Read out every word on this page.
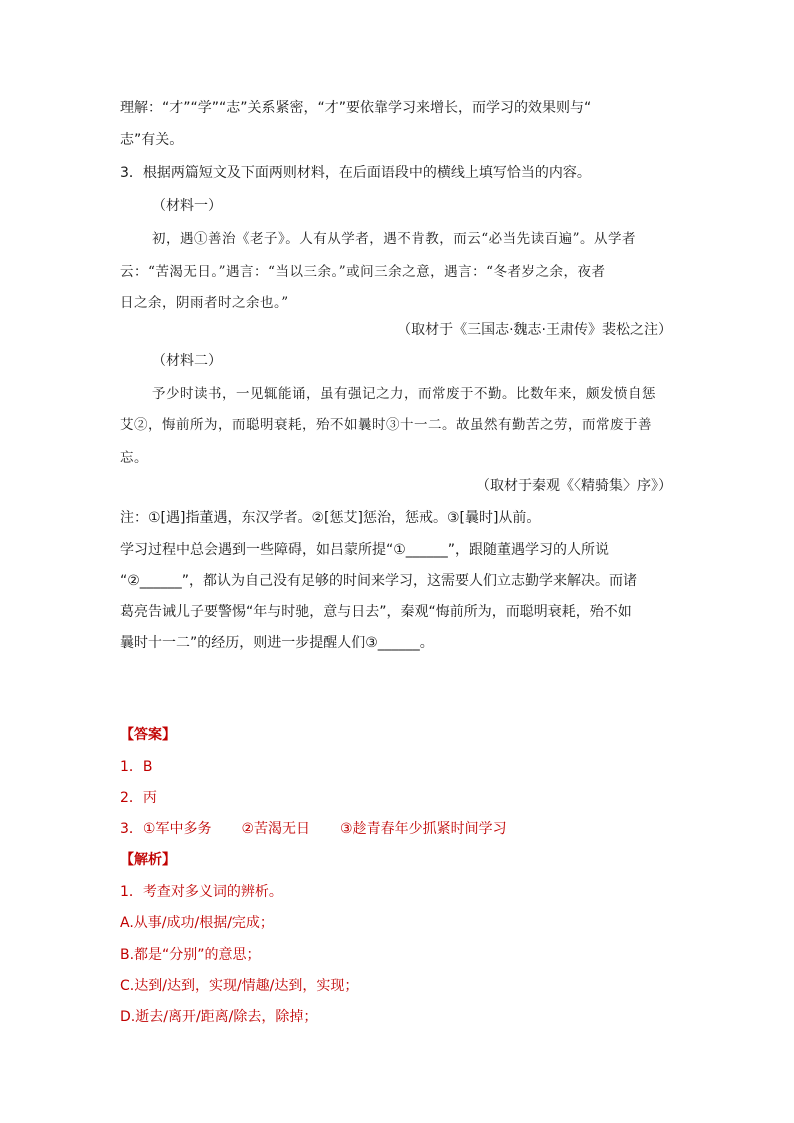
理解：“才”“学”“志”关系紧密，“才”要依靠学习来增长，而学习的效果则与“
志”有关。
3．根据两篇短文及下面两则材料，在后面语段中的横线上填写恰当的内容。
（材料一）
初，遇①善治《老子》。人有从学者，遇不肯教，而云“必当先读百遍”。从学者
云：“苦渴无日。”遇言：“当以三余。”或问三余之意，遇言：“冬者岁之余，夜者
日之余，阴雨者时之余也。”
（取材于《三国志·魏志·王肃传》裴松之注）
（材料二）
予少时读书，一见辄能诵，虽有强记之力，而常废于不勤。比数年来，颇发愤自惩
艾②，悔前所为，而聪明衰耗，殆不如曩时③十一二。故虽然有勤苦之劳，而常废于善
忘。
（取材于秦观《〈精骑集〉序》）
注：①[遇]指董遇，东汉学者。②[惩艾]惩治，惩戒。③[曩时]从前。
学习过程中总会遇到一些障碍，如吕蒙所提“①______”，跟随董遇学习的人所说
“②______”，都认为自己没有足够的时间来学习，这需要人们立志勤学来解决。而诸
葛亮告诫儿子要警惕“年与时驰，意与日去”，秦观“悔前所为，而聪明衰耗，殆不如
曩时十一二”的经历，则进一步提醒人们③______。
【答案】
1．B
2．丙
3．①军中多务 ②苦渴无日 ③趁青春年少抓紧时间学习
【解析】
1．考查对多义词的辨析。
A.从事/成功/根据/完成；
B.都是“分别”的意思；
C.达到/达到，实现/情趣/达到，实现；
D.逝去/离开/距离/除去，除掉；
